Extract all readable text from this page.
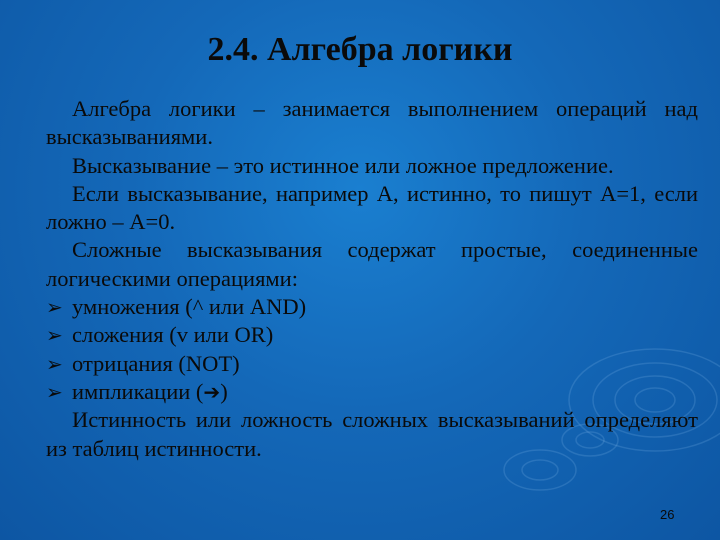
2.4. Алгебра логики

Алгебра логики – занимается выполнением операций над высказываниями.

Высказывание – это истинное или ложное предложение.

Если высказывание, например А, истинно, то пишут А=1, если ложно – А=0.

Сложные высказывания содержат простые, соединенные логическими операциями:

➢ умножения (^ или AND)
➢ сложения (v или OR)
➢ отрицания (NOT)
➢ импликации (➔)

Истинность или ложность сложных высказываний определяют из таблиц истинности.

26
